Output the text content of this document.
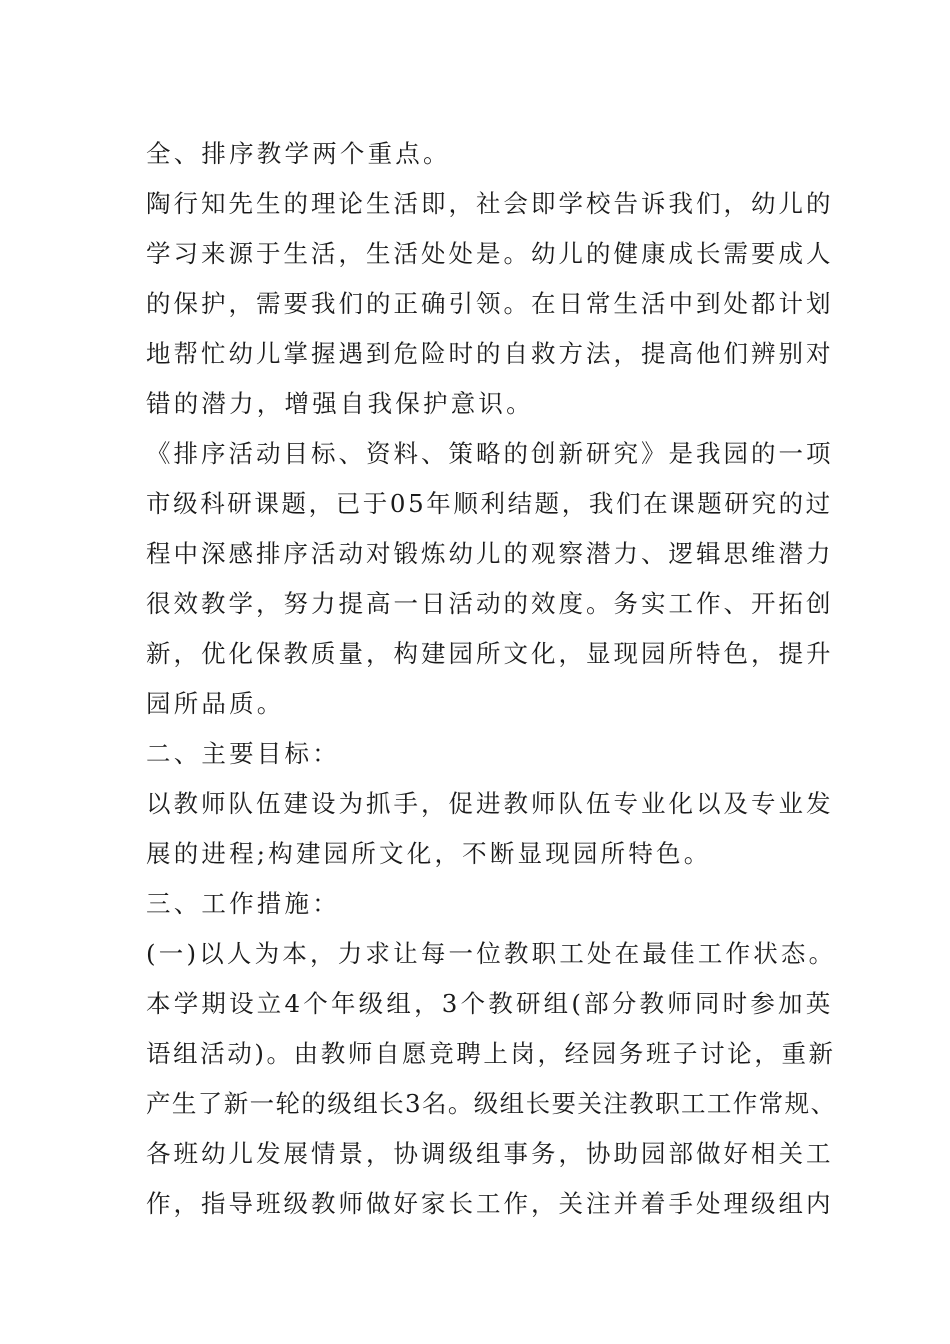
全、排序教学两个重点。
陶行知先生的理论生活即，社会即学校告诉我们，幼儿的
学习来源于生活，生活处处是。幼儿的健康成长需要成人
的保护，需要我们的正确引领。在日常生活中到处都计划
地帮忙幼儿掌握遇到危险时的自救方法，提高他们辨别对
错的潜力，增强自我保护意识。
《排序活动目标、资料、策略的创新研究》是我园的一项
市级科研课题，已于05年顺利结题，我们在课题研究的过
程中深感排序活动对锻炼幼儿的观察潜力、逻辑思维潜力
很效教学，努力提高一日活动的效度。务实工作、开拓创
新，优化保教质量，构建园所文化，显现园所特色，提升
园所品质。
二、主要目标：
以教师队伍建设为抓手，促进教师队伍专业化以及专业发
展的进程;构建园所文化，不断显现园所特色。
三、工作措施：
(一)以人为本，力求让每一位教职工处在最佳工作状态。
本学期设立4个年级组，3个教研组(部分教师同时参加英
语组活动)。由教师自愿竞聘上岗，经园务班子讨论，重新
产生了新一轮的级组长3名。级组长要关注教职工工作常规、
各班幼儿发展情景，协调级组事务，协助园部做好相关工
作，指导班级教师做好家长工作，关注并着手处理级组内
